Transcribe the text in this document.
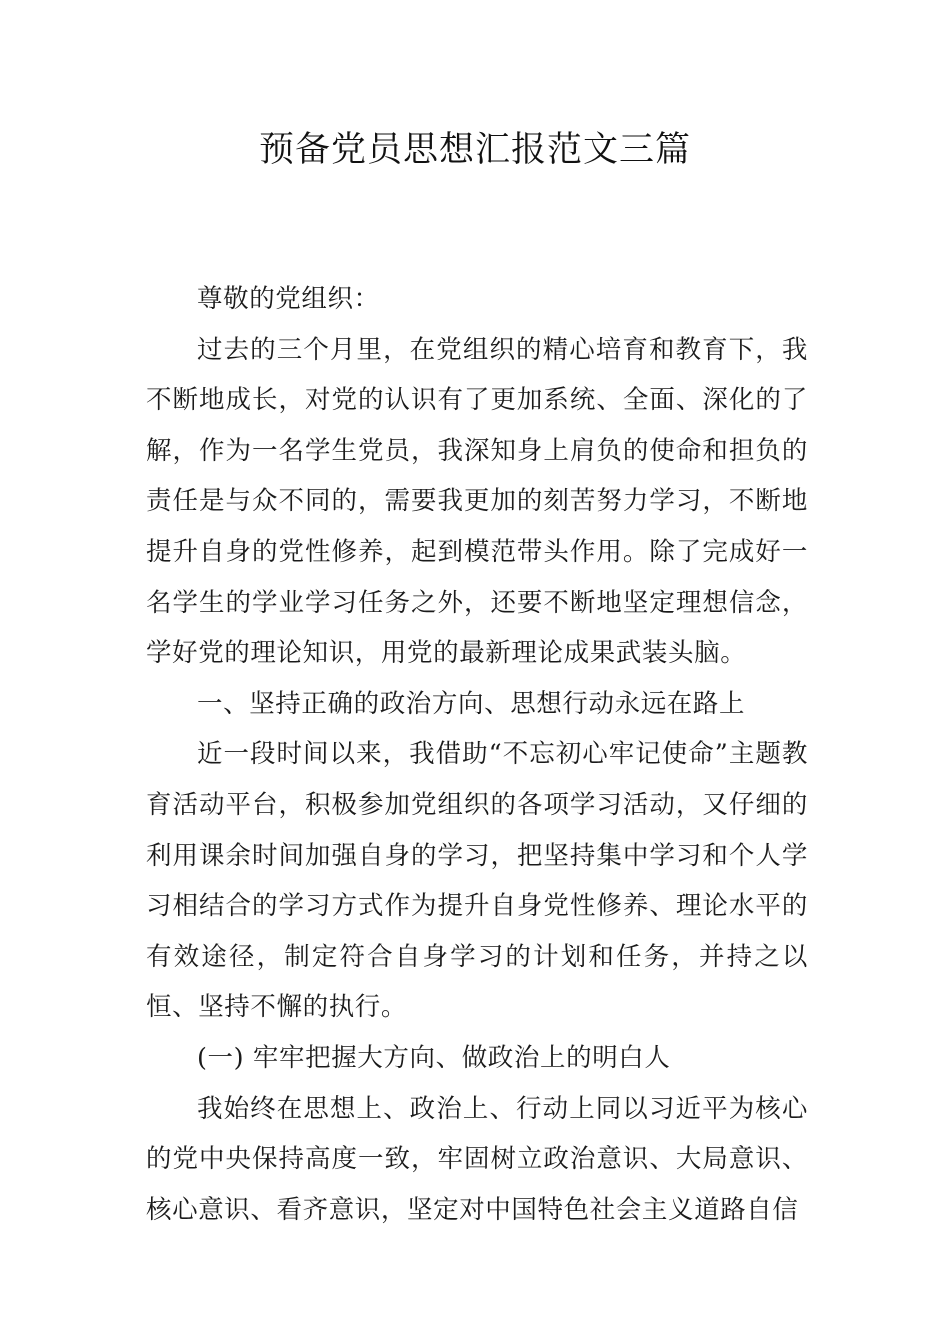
预备党员思想汇报范文三篇

尊敬的党组织：

过去的三个月里，在党组织的精心培育和教育下，我不断地成长，对党的认识有了更加系统、全面、深化的了解，作为一名学生党员，我深知身上肩负的使命和担负的责任是与众不同的，需要我更加的刻苦努力学习，不断地提升自身的党性修养，起到模范带头作用。除了完成好一名学生的学业学习任务之外，还要不断地坚定理想信念，学好党的理论知识，用党的最新理论成果武装头脑。

一、坚持正确的政治方向、思想行动永远在路上

近一段时间以来，我借助“不忘初心牢记使命”主题教育活动平台，积极参加党组织的各项学习活动，又仔细的利用课余时间加强自身的学习，把坚持集中学习和个人学习相结合的学习方式作为提升自身党性修养、理论水平的有效途径，制定符合自身学习的计划和任务，并持之以恒、坚持不懈的执行。

(一) 牢牢把握大方向、做政治上的明白人

我始终在思想上、政治上、行动上同以习近平为核心的党中央保持高度一致，牢固树立政治意识、大局意识、核心意识、看齐意识，坚定对中国特色社会主义道路自信
